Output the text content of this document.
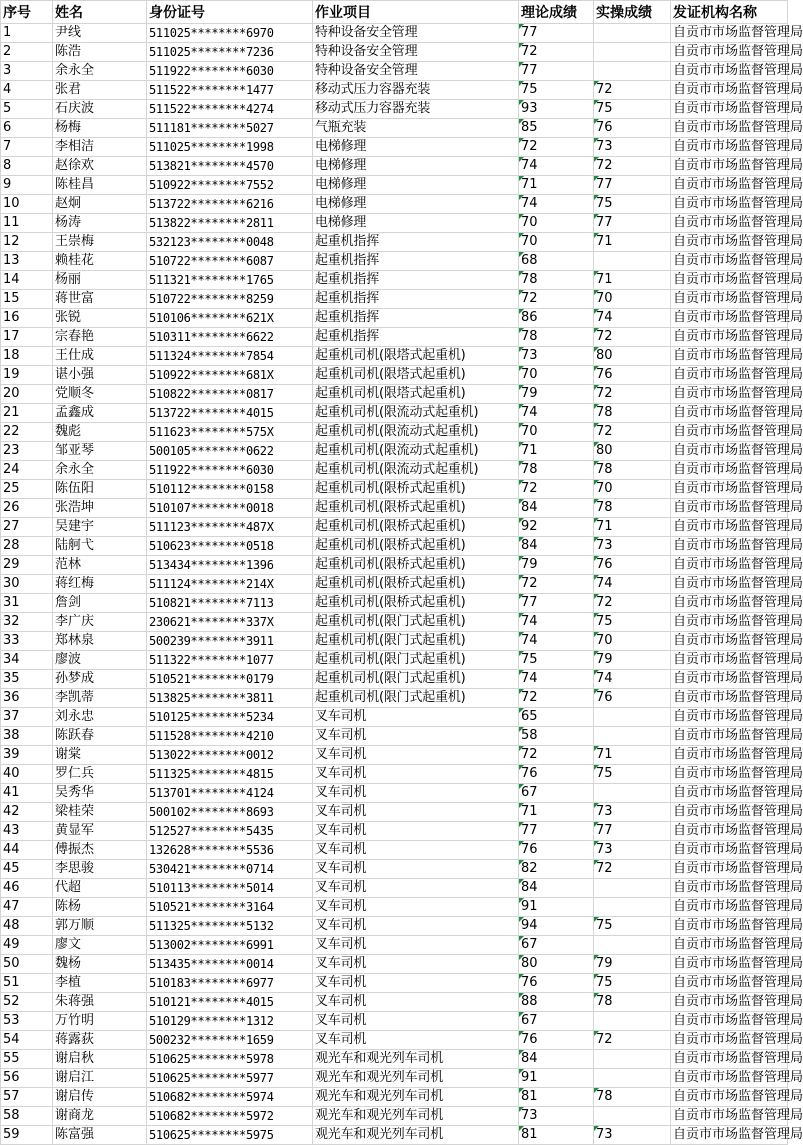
序号	姓名	身份证号	作业项目	理论成绩	实操成绩	发证机构名称
1	尹线	511025********6970	特种设备安全管理	77		自贡市市场监督管理局
2	陈浩	511025********7236	特种设备安全管理	72		自贡市市场监督管理局
3	余永全	511922********6030	特种设备安全管理	77		自贡市市场监督管理局
4	张君	511522********1477	移动式压力容器充装	75	72	自贡市市场监督管理局
5	石庆波	511522********4274	移动式压力容器充装	93	75	自贡市市场监督管理局
6	杨梅	511181********5027	气瓶充装	85	76	自贡市市场监督管理局
7	李相洁	511025********1998	电梯修理	72	73	自贡市市场监督管理局
8	赵徐欢	513821********4570	电梯修理	74	72	自贡市市场监督管理局
9	陈桂昌	510922********7552	电梯修理	71	77	自贡市市场监督管理局
10	赵炯	513722********6216	电梯修理	74	75	自贡市市场监督管理局
11	杨涛	513822********2811	电梯修理	70	77	自贡市市场监督管理局
12	王崇梅	532123********0048	起重机指挥	70	71	自贡市市场监督管理局
13	赖桂花	510722********6087	起重机指挥	68		自贡市市场监督管理局
14	杨丽	511321********1765	起重机指挥	78	71	自贡市市场监督管理局
15	蒋世富	510722********8259	起重机指挥	72	70	自贡市市场监督管理局
16	张锐	510106********621X	起重机指挥	86	74	自贡市市场监督管理局
17	宗春艳	510311********6622	起重机指挥	78	72	自贡市市场监督管理局
18	王仕成	511324********7854	起重机司机(限塔式起重机)	73	80	自贡市市场监督管理局
19	谌小强	510922********681X	起重机司机(限塔式起重机)	70	76	自贡市市场监督管理局
20	党顺冬	510822********0817	起重机司机(限塔式起重机)	79	72	自贡市市场监督管理局
21	孟鑫成	513722********4015	起重机司机(限流动式起重机)	74	78	自贡市市场监督管理局
22	魏彪	511623********575X	起重机司机(限流动式起重机)	70	72	自贡市市场监督管理局
23	邹亚琴	500105********0622	起重机司机(限流动式起重机)	71	80	自贡市市场监督管理局
24	余永全	511922********6030	起重机司机(限流动式起重机)	78	78	自贡市市场监督管理局
25	陈伍阳	510112********0158	起重机司机(限桥式起重机)	72	70	自贡市市场监督管理局
26	张浩坤	510107********0018	起重机司机(限桥式起重机)	84	78	自贡市市场监督管理局
27	吴建宇	511123********487X	起重机司机(限桥式起重机)	92	71	自贡市市场监督管理局
28	陆舸弋	510623********0518	起重机司机(限桥式起重机)	84	73	自贡市市场监督管理局
29	范林	513434********1396	起重机司机(限桥式起重机)	79	76	自贡市市场监督管理局
30	蒋红梅	511124********214X	起重机司机(限桥式起重机)	72	74	自贡市市场监督管理局
31	詹剑	510821********7113	起重机司机(限桥式起重机)	77	72	自贡市市场监督管理局
32	李广庆	230621********337X	起重机司机(限门式起重机)	74	75	自贡市市场监督管理局
33	郑林泉	500239********3911	起重机司机(限门式起重机)	74	70	自贡市市场监督管理局
34	廖波	511322********1077	起重机司机(限门式起重机)	75	79	自贡市市场监督管理局
35	孙梦成	510521********0179	起重机司机(限门式起重机)	74	74	自贡市市场监督管理局
36	李凯蒂	513825********3811	起重机司机(限门式起重机)	72	76	自贡市市场监督管理局
37	刘永忠	510125********5234	叉车司机	65		自贡市市场监督管理局
38	陈跃春	511528********4210	叉车司机	58		自贡市市场监督管理局
39	谢棠	513022********0012	叉车司机	72	71	自贡市市场监督管理局
40	罗仁兵	511325********4815	叉车司机	76	75	自贡市市场监督管理局
41	吴秀华	513701********4124	叉车司机	67		自贡市市场监督管理局
42	梁桂荣	500102********8693	叉车司机	71	73	自贡市市场监督管理局
43	黄显军	512527********5435	叉车司机	77	77	自贡市市场监督管理局
44	傅振杰	132628********5536	叉车司机	76	73	自贡市市场监督管理局
45	李思骏	530421********0714	叉车司机	82	72	自贡市市场监督管理局
46	代超	510113********5014	叉车司机	84		自贡市市场监督管理局
47	陈杨	510521********3164	叉车司机	91		自贡市市场监督管理局
48	郭万顺	511325********5132	叉车司机	94	75	自贡市市场监督管理局
49	廖文	513002********6991	叉车司机	67		自贡市市场监督管理局
50	魏杨	513435********0014	叉车司机	80	79	自贡市市场监督管理局
51	李植	510183********6977	叉车司机	76	75	自贡市市场监督管理局
52	朱蒋强	510121********4015	叉车司机	88	78	自贡市市场监督管理局
53	万竹明	510129********1312	叉车司机	67		自贡市市场监督管理局
54	蒋露荻	500232********1659	叉车司机	76	72	自贡市市场监督管理局
55	谢启秋	510625********5978	观光车和观光列车司机	84		自贡市市场监督管理局
56	谢启江	510625********5977	观光车和观光列车司机	91		自贡市市场监督管理局
57	谢启传	510682********5974	观光车和观光列车司机	81	78	自贡市市场监督管理局
58	谢商龙	510682********5972	观光车和观光列车司机	73		自贡市市场监督管理局
59	陈富强	510625********5975	观光车和观光列车司机	81	73	自贡市市场监督管理局
